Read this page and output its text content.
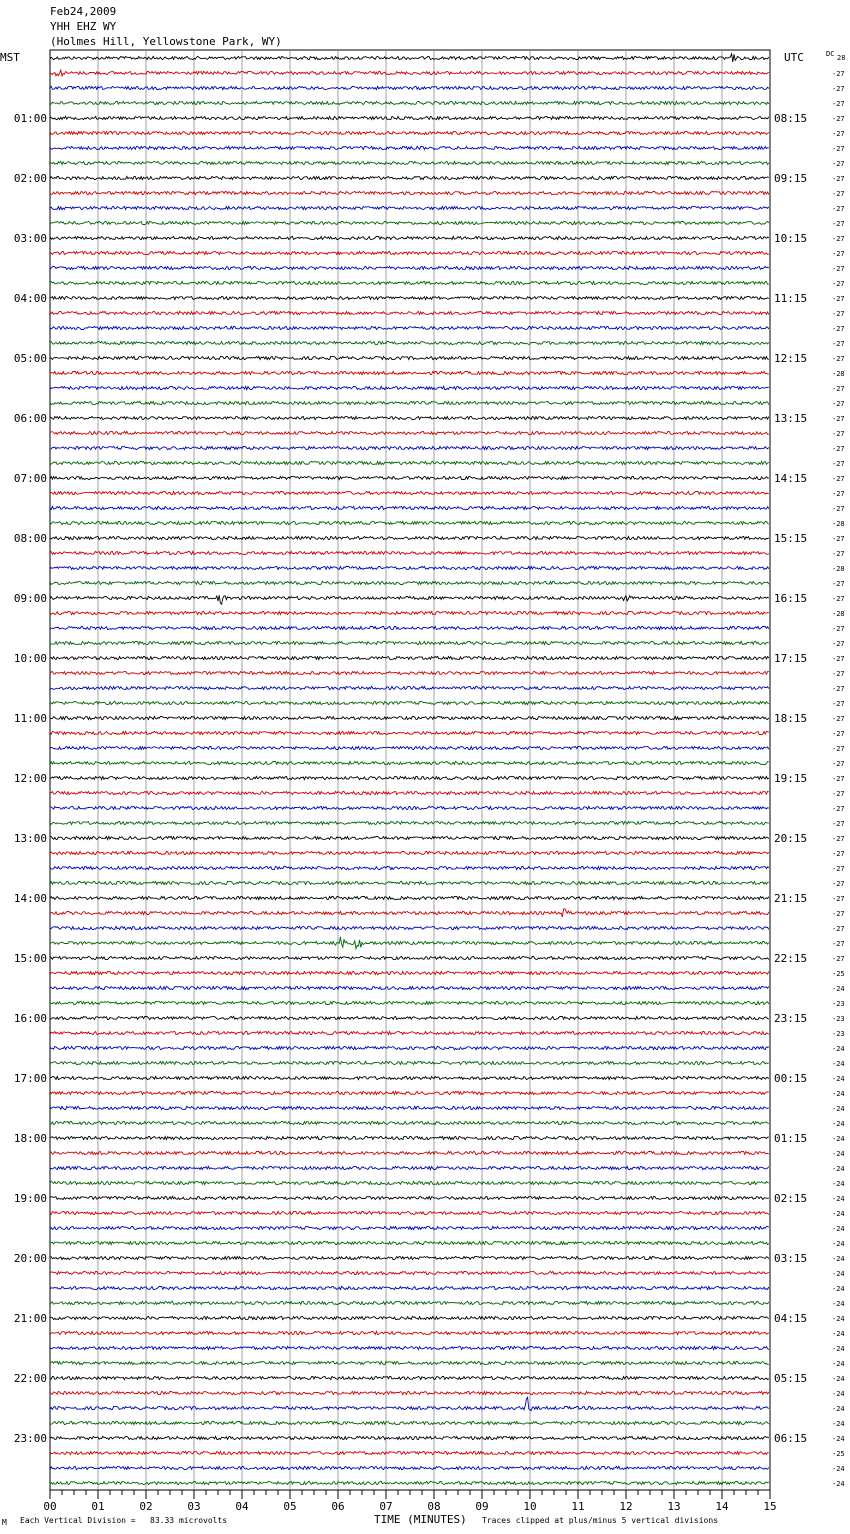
Feb24,2009
YHH EHZ WY
(Holmes Hill, Yellowstone Park, WY)
DC 28
-27
-27
-27
-27
-27
-27
-27
-27
-27
-27
-27
-27
-27
-27
-27
-27
-27
-27
-27
-27
-28
-27
-27
-27
-27
-27
-27
-27
-27
-27
-28
-27
-27
-28
-27
-27
-28
-27
-27
-27
-27
-27
-27
-27
-27
-27
-27
-27
-27
-27
-27
-27
-27
-27
-27
-27
-27
-27
-27
-27
-25
-24
-23
-23
-23
-24
-24
-24
-24
-24
-24
-24
-24
-24
-24
-24
-24
-24
-24
-24
-24
-24
-24
-24
-24
-24
-24
-24
-24
-24
-24
-24
-25
-24
-24
MST	UTC
01:00
02:00
03:00
04:00
05:00
06:00
07:00
08:00
09:00
10:00
11:00
12:00
13:00
14:00
15:00
16:00
17:00
18:00
19:00
20:00
21:00
22:00
23:00
08:15
09:15
10:15
11:15
12:15
13:15
14:15
15:15
16:15
17:15
18:15
19:15
20:15
21:15
22:15
23:15
00:15
01:15
02:15
03:15
04:15
05:15
06:15
00	01	02	03	04	05	06	07	08	09	10	11	12	13	14	15
M Each Vertical Division =   83.33 microvolts	TIME (MINUTES) Traces clipped at plus/minus 5 vertical divisions
